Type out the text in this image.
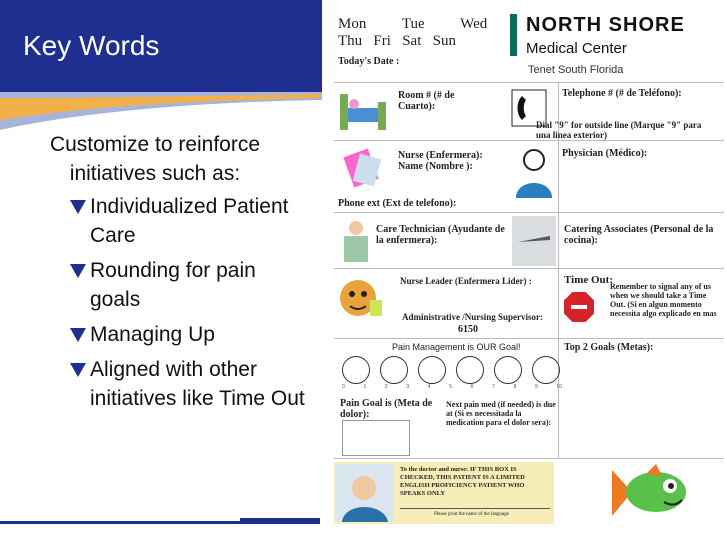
Key Words
Customize to reinforce initiatives such as:
Individualized Patient Care
Rounding for pain goals
Managing Up
Aligned with other initiatives like Time Out
Mon Tue Wed
Thu Fri Sat Sun
Today's Date :
NORTH SHORE
Medical Center
Tenet South Florida
Room # (# de Cuarto):
Telephone # (# de Teléfono):
Dial "9" for outside line (Marque "9" para una linea exterior)
Nurse (Enfermera): Name (Nombre ):
Physician (Médico):
Phone ext (Ext de telefono):
Care Technician (Ayudante de la enfermera):
Catering Associates (Personal de la cocina):
Nurse Leader (Enfermera Lider) :
Administrative /Nursing Supervisor:
6150
Time Out:
Remember to signal any of us when we should take a Time Out. (Si en algun momento necessita algo explicado en mas
Pain Management is OUR Goal!
0	1	2	3	4	5	6	7	8	9	10
Top 2 Goals (Metas):
Pain Goal is (Meta de dolor):
Next pain med (if needed) is due at (Si es necessitada la medication para el dolor sera):
To the doctor and nurse: IF THIS BOX IS CHECKED, THIS PATIENT IS A LIMITED ENGLISH PROFICIENCY PATIENT WHO SPEAKS ONLY
Please print the name of the language
